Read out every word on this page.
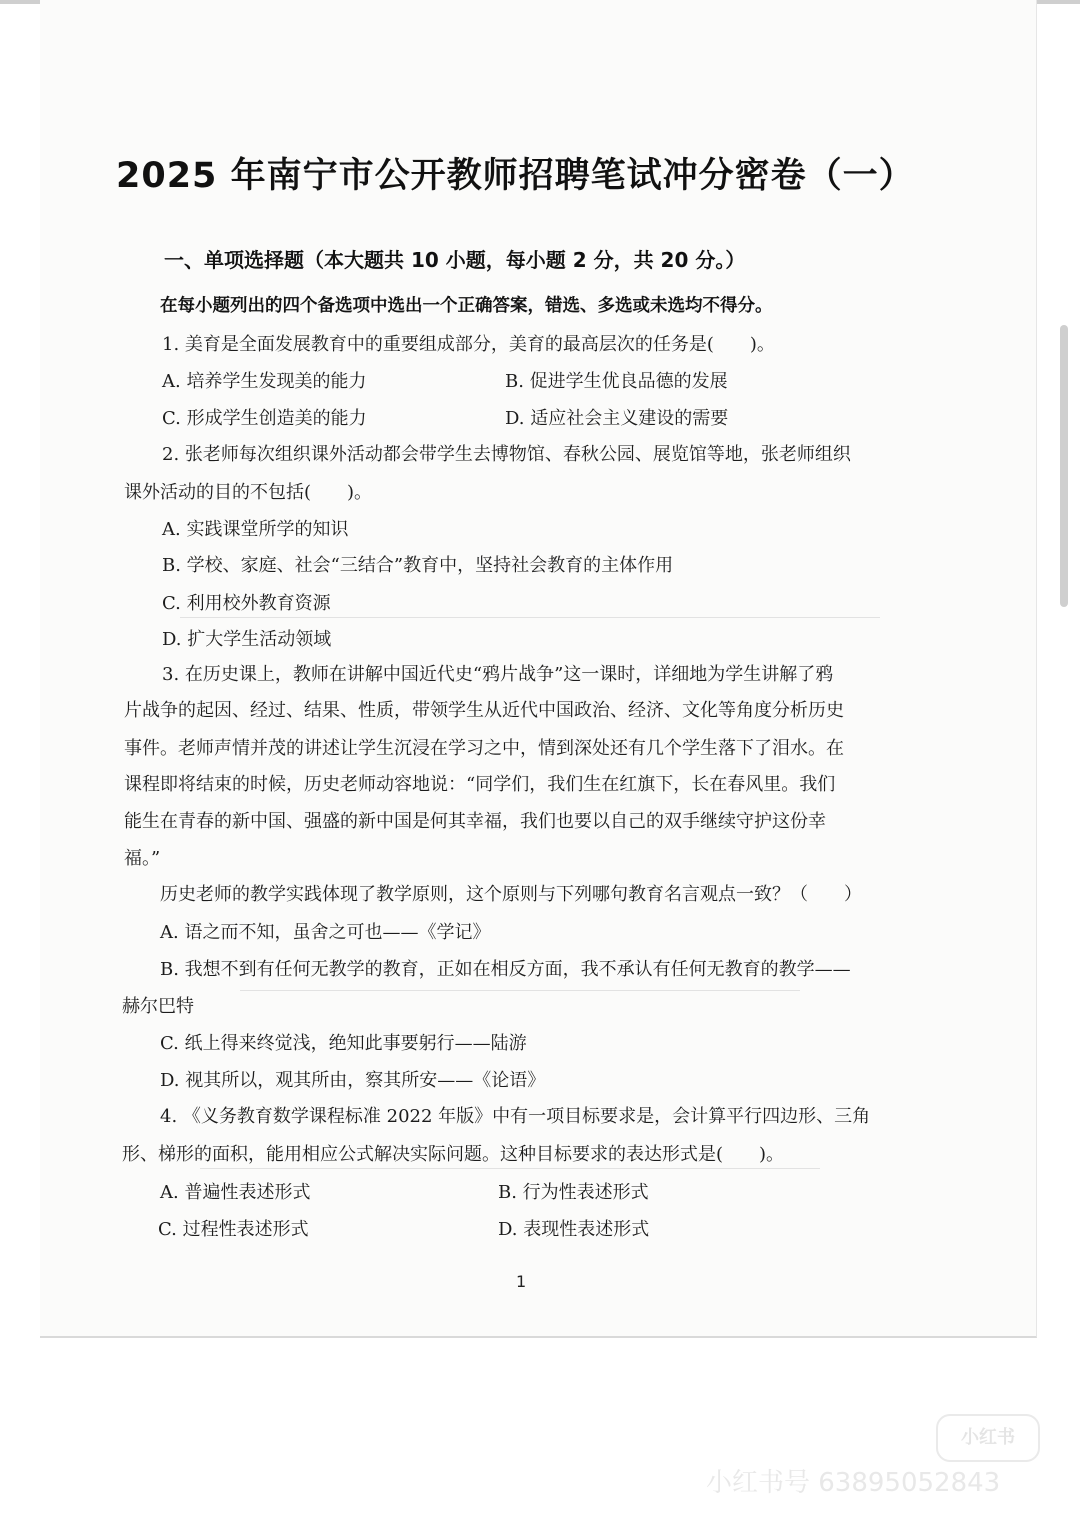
2025 年南宁市公开教师招聘笔试冲分密卷（一）
一、单项选择题（本大题共 10 小题，每小题 2 分，共 20 分。）
在每小题列出的四个备选项中选出一个正确答案，错选、多选或未选均不得分。
1. 美育是全面发展教育中的重要组成部分，美育的最高层次的任务是(　　)。
A. 培养学生发现美的能力	B. 促进学生优良品德的发展
C. 形成学生创造美的能力	D. 适应社会主义建设的需要
2. 张老师每次组织课外活动都会带学生去博物馆、春秋公园、展览馆等地，张老师组织
课外活动的目的不包括(　　)。
A. 实践课堂所学的知识
B. 学校、家庭、社会“三结合”教育中，坚持社会教育的主体作用
C. 利用校外教育资源
D. 扩大学生活动领域
3. 在历史课上，教师在讲解中国近代史“鸦片战争”这一课时，详细地为学生讲解了鸦
片战争的起因、经过、结果、性质，带领学生从近代中国政治、经济、文化等角度分析历史
事件。老师声情并茂的讲述让学生沉浸在学习之中，情到深处还有几个学生落下了泪水。在
课程即将结束的时候，历史老师动容地说：“同学们，我们生在红旗下，长在春风里。我们
能生在青春的新中国、强盛的新中国是何其幸福，我们也要以自己的双手继续守护这份幸
福。”
历史老师的教学实践体现了教学原则，这个原则与下列哪句教育名言观点一致？（　　）
A. 语之而不知，虽舍之可也——《学记》
B. 我想不到有任何无教学的教育，正如在相反方面，我不承认有任何无教育的教学——
赫尔巴特
C. 纸上得来终觉浅，绝知此事要躬行——陆游
D. 视其所以，观其所由，察其所安——《论语》
4. 《义务教育数学课程标准 2022 年版》中有一项目标要求是，会计算平行四边形、三角
形、梯形的面积，能用相应公式解决实际问题。这种目标要求的表达形式是(　　)。
A. 普遍性表述形式	B. 行为性表述形式
C. 过程性表述形式	D. 表现性表述形式
1
小红书
小红书号 63895052843
